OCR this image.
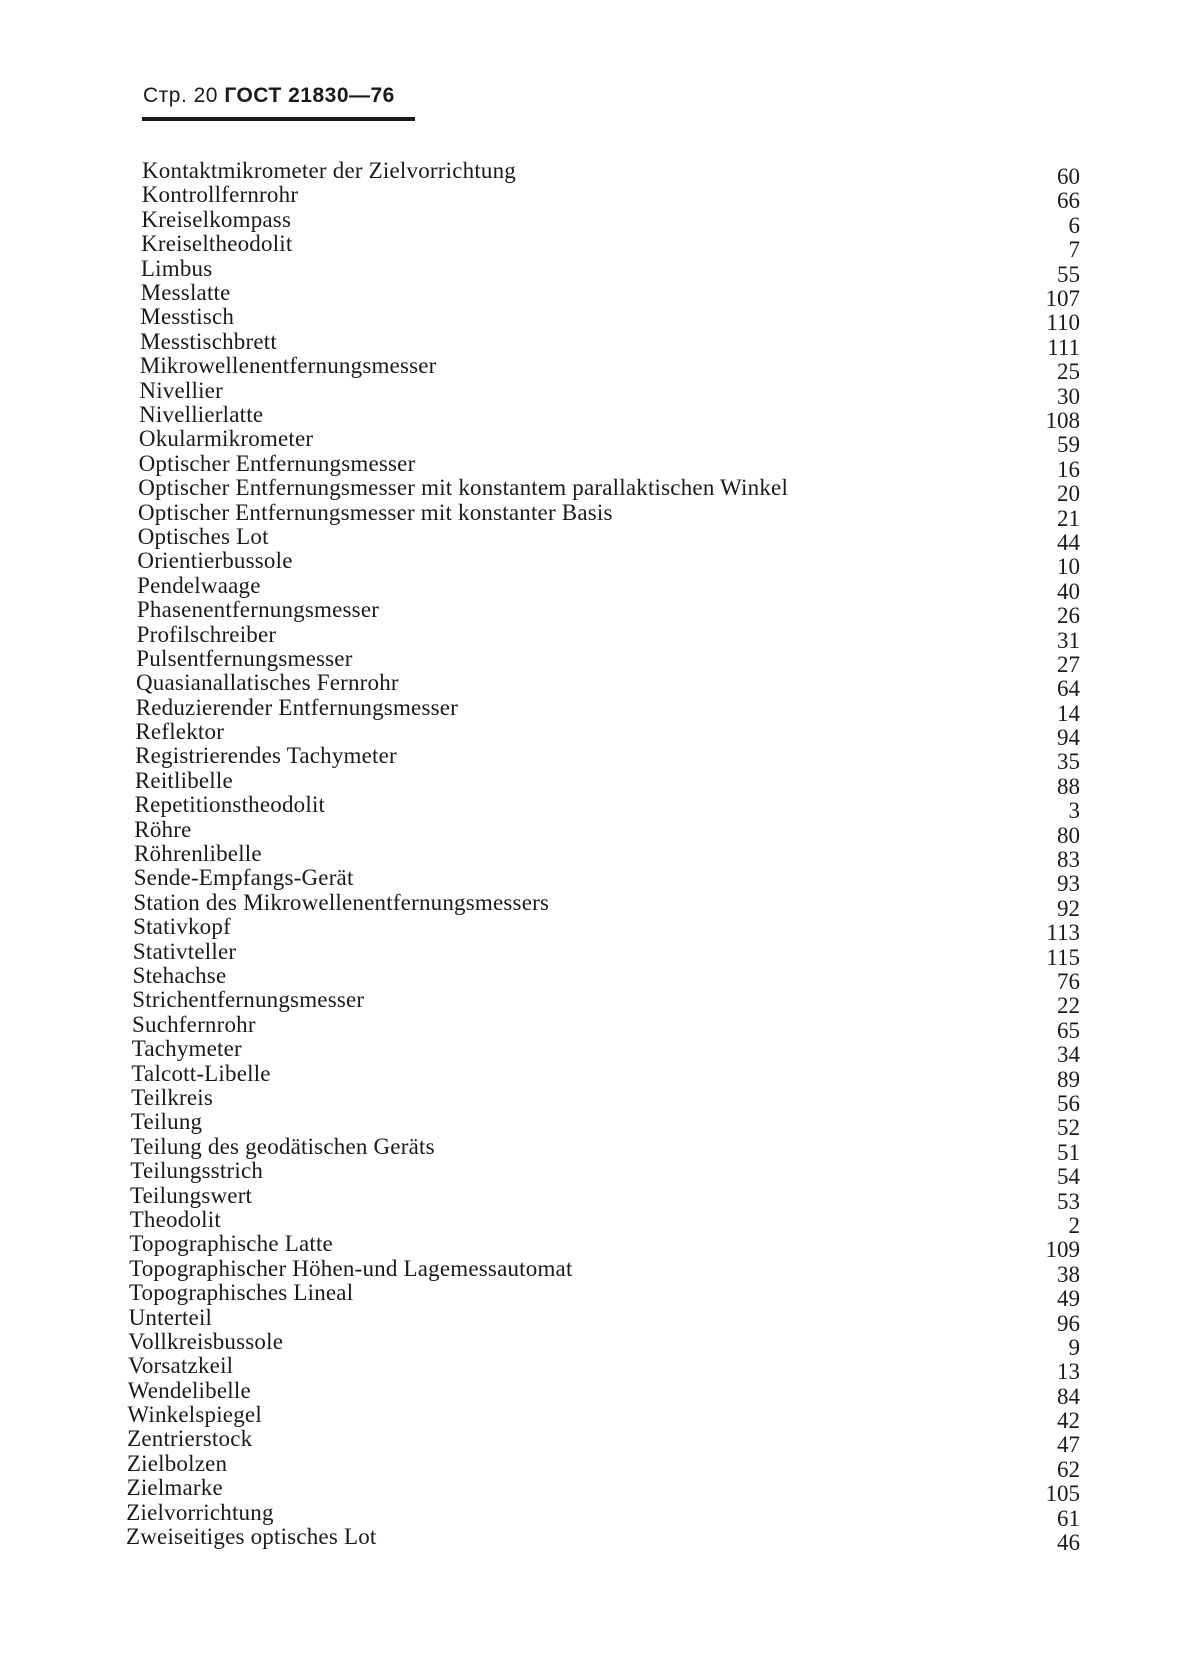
Стр. 20 ГОСТ 21830—76
Kontaktmikrometer der Zielvorrichtung	60
Kontrollfernrohr	66
Kreiselkompass	6
Kreiseltheodolit	7
Limbus	55
Messlatte	107
Messtisch	110
Messtischbrett	111
Mikrowellenentfernungsmesser	25
Nivellier	30
Nivellierlatte	108
Okularmikrometer	59
Optischer Entfernungsmesser	16
Optischer Entfernungsmesser mit konstantem parallaktischen Winkel	20
Optischer Entfernungsmesser mit konstanter Basis	21
Optisches Lot	44
Orientierbussole	10
Pendelwaage	40
Phasenentfernungsmesser	26
Profilschreiber	31
Pulsentfernungsmesser	27
Quasianallatisches Fernrohr	64
Reduzierender Entfernungsmesser	14
Reflektor	94
Registrierendes Tachymeter	35
Reitlibelle	88
Repetitionstheodolit	3
Röhre	80
Röhrenlibelle	83
Sende-Empfangs-Gerät	93
Station des Mikrowellenentfernungsmessers	92
Stativkopf	113
Stativteller	115
Stehachse	76
Strichentfernungsmesser	22
Suchfernrohr	65
Tachymeter	34
Talcott-Libelle	89
Teilkreis	56
Teilung	52
Teilung des geodätischen Geräts	51
Teilungsstrich	54
Teilungswert	53
Theodolit	2
Topographische Latte	109
Topographischer Höhen-und Lagemessautomat	38
Topographisches Lineal	49
Unterteil	96
Vollkreisbussole	9
Vorsatzkeil	13
Wendelibelle	84
Winkelspiegel	42
Zentrierstock	47
Zielbolzen	62
Zielmarke	105
Zielvorrichtung	61
Zweiseitiges optisches Lot	46
